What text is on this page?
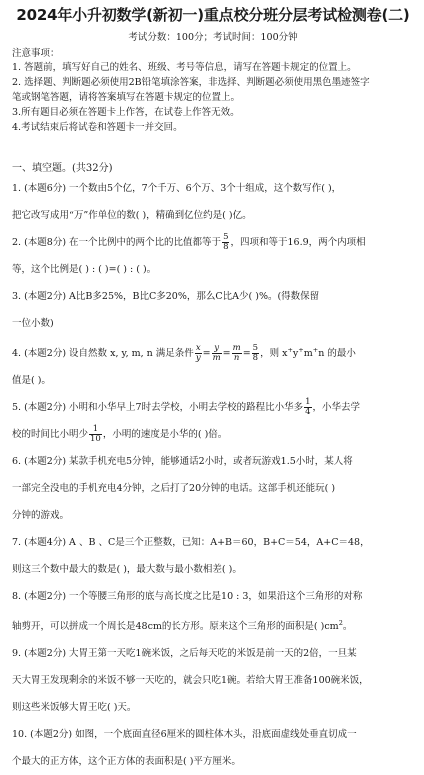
2024年小升初数学(新初一)重点校分班分层考试检测卷(二)
考试分数：100分；考试时间：100分钟
注意事项：
1. 答题前，填写好自己的姓名、班级、考号等信息，请写在答题卡规定的位置上。
2. 选择题、判断题必须使用2B铅笔填涂答案，非选择、判断题必须使用黑色墨迹签字
笔或钢笔答题，请将答案填写在答题卡规定的位置上。
3.所有题目必须在答题卡上作答，在试卷上作答无效。
4.考试结束后将试卷和答题卡一并交回。
一、填空题。(共32分)
1. (本题6分) 一个数由5个亿，7个千万、6个万、3个十组成，这个数写作( )，
把它改写成用“万”作单位的数( )，精确到亿位约是( )亿。
2. (本题8分) 在一个比例中的两个比的比值都等于 $\frac{5}{8}$ ，四项和等于16.9，两个内项相
等，这个比例是( ) : ( )=( ) : ( )。
3. (本题2分) A比B多25%，B比C多20%，那么C比A少( )%。(得数保留
一位小数)
4. (本题2分) 设自然数 x, y, m, n 满足条件 $\frac{x}{y} = \frac{y}{m} = \frac{m}{n} = \frac{5}{8}$ ，则 x+y+m+n 的最小
值是( )。
5. (本题2分) 小明和小华早上7时去学校，小明去学校的路程比小华多 $\frac{1}{4}$ ，小华去学
校的时间比小明少 $\frac{1}{10}$ ，小明的速度是小华的( )倍。
6. (本题2分) 某款手机充电5分钟，能够通话2小时，或者玩游戏1.5小时，某人将
一部完全没电的手机充电4分钟，之后打了20分钟的电话。这部手机还能玩( )
分钟的游戏。
7. (本题4分) A 、B 、C是三个正整数，已知：A+B＝60，B+C＝54，A+C＝48，
则这三个数中最大的数是( )，最大数与最小数相差( )。
8. (本题2分) 一个等腰三角形的底与高长度之比是10 : 3，如果沿这个三角形的对称
轴剪开，可以拼成一个周长是48cm的长方形。原来这个三角形的面积是( )$cm^2$。
9. (本题2分) 大胃王第一天吃1碗米饭，之后每天吃的米饭是前一天的2倍，一旦某
天大胃王发现剩余的米饭不够一天吃的，就会只吃1碗。若给大胃王准备100碗米饭，
则这些米饭够大胃王吃( )天。
10. (本题2分) 如图，一个底面直径6厘米的圆柱体木头，沿底面虚线处垂直切成一
个最大的正方体，这个正方体的表面积是( )平方厘米。
